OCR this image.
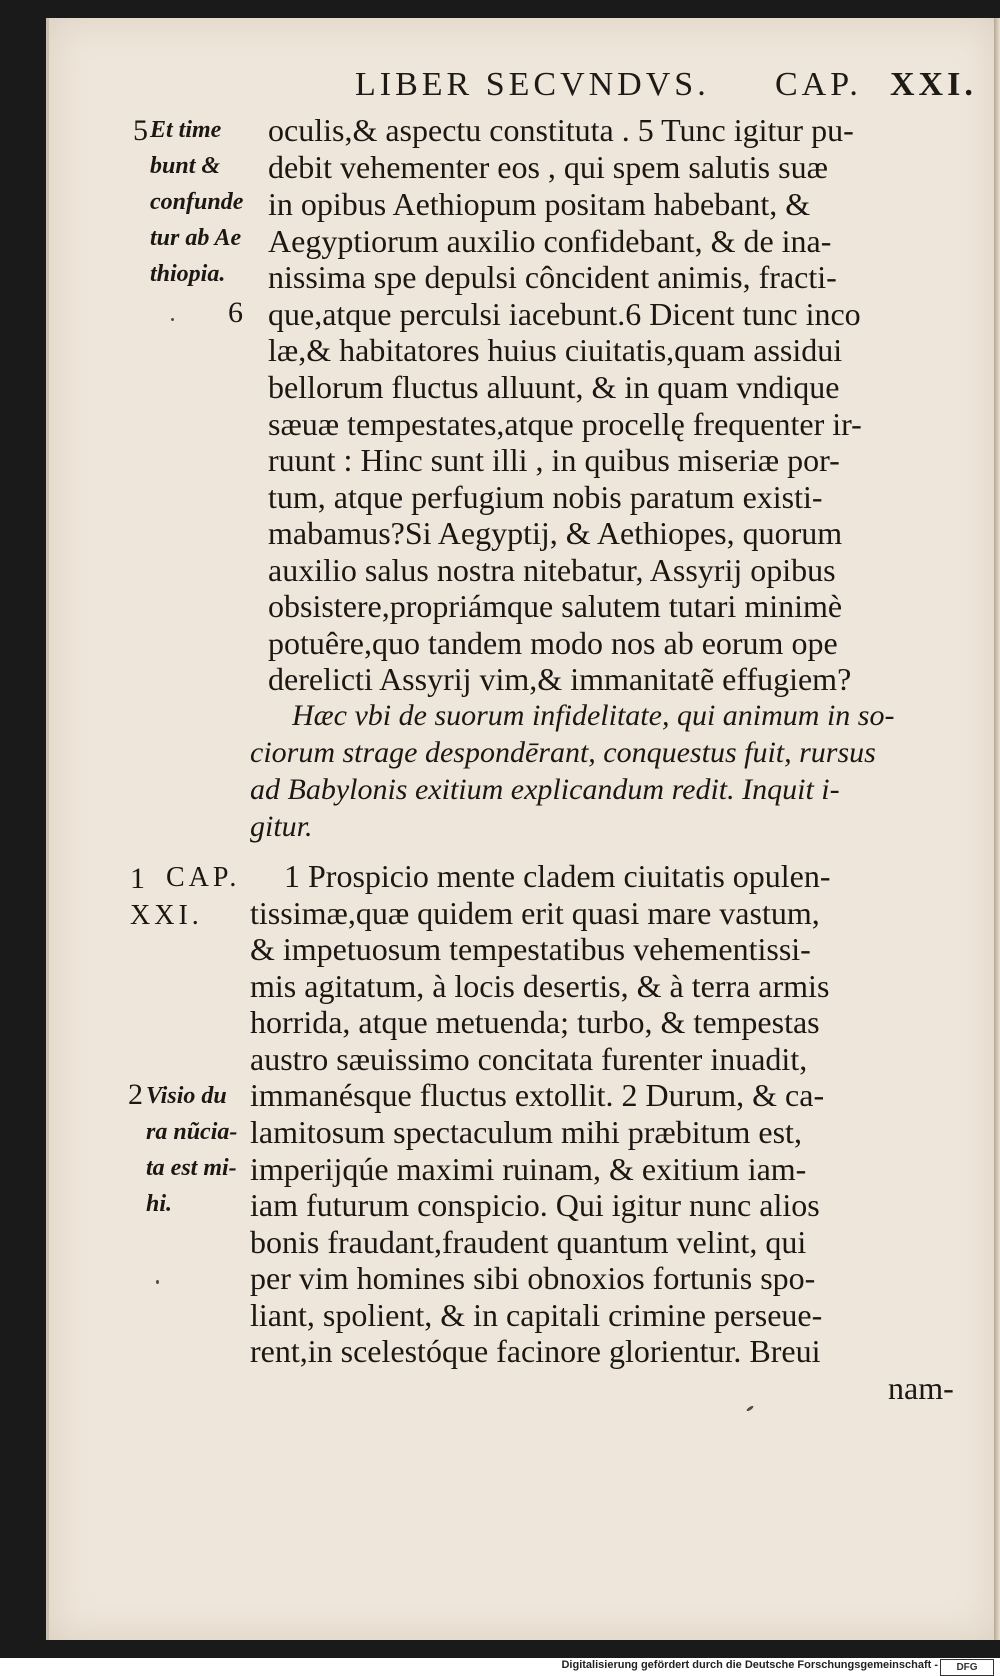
LIBER SECVNDVS. CAP. XXI.
5 Et time
bunt &
confunde
tur ab Ae
thiopia.
6
1 CAP.
XXI.
2 Visio du
ra nũcia-
ta est mi-
hi.
oculis,& aspectu constituta . 5 Tunc igitur pu-
debit vehementer eos , qui spem salutis suæ
in opibus Aethiopum positam habebant, &
Aegyptiorum auxilio confidebant, & de ina-
nissima spe depulsi côncident animis, fracti-
que,atque perculsi iacebunt.6 Dicent tunc inco
læ,& habitatores huius ciuitatis,quam assidui
bellorum fluctus alluunt, & in quam vndique
sæuæ tempestates,atque procellę frequenter ir-
ruunt : Hinc sunt illi , in quibus miseriæ por-
tum, atque perfugium nobis paratum existi-
mabamus?Si Aegyptij, & Aethiopes, quorum
auxilio salus nostra nitebatur, Assyrij opibus
obsistere,propriámque salutem tutari minimè
potuêre,quo tandem modo nos ab eorum ope
derelicti Assyrij vim,& immanitatẽ effugiem?
Hæc vbi de suorum infidelitate, qui animum in so-
ciorum strage despondērant, conquestus fuit, rursus
ad Babylonis exitium explicandum redit. Inquit i-
gitur.
1 Prospicio mente cladem ciuitatis opulen-
tissimæ,quæ quidem erit quasi mare vastum,
& impetuosum tempestatibus vehementissi-
mis agitatum, à locis desertis, & à terra armis
horrida, atque metuenda; turbo, & tempestas
austro sæuissimo concitata furenter inuadit,
immanésque fluctus extollit. 2 Durum, & ca-
lamitosum spectaculum mihi præbitum est,
imperijqúe maximi ruinam, & exitium iam-
iam futurum conspicio. Qui igitur nunc alios
bonis fraudant,fraudent quantum velint, qui
per vim homines sibi obnoxios fortunis spo-
liant, spolient, & in capitali crimine perseue-
rent,in scelestóque facinore glorientur. Breui
nam-
Digitalisierung gefördert durch die Deutsche Forschungsgemeinschaft -	DFG
